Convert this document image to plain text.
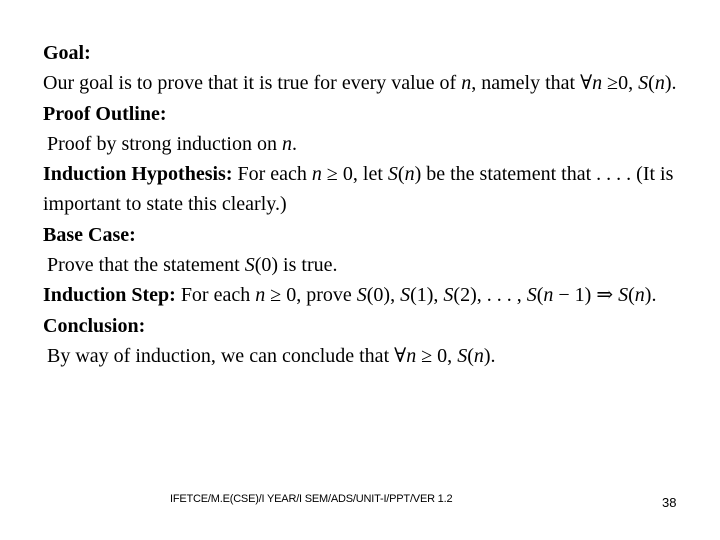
Goal:

Our goal is to prove that it is true for every value of n, namely that ∀n ≥0, S(n).

Proof Outline:

Proof by strong induction on n.

Induction Hypothesis: For each n ≥ 0, let S(n) be the statement that . . . . (It is important to state this clearly.)

Base Case:

Prove that the statement S(0) is true.

Induction Step: For each n ≥ 0, prove S(0), S(1), S(2), . . . , S(n − 1) ⇒ S(n).

Conclusion:

By way of induction, we can conclude that ∀n ≥ 0, S(n).

IFETCE/M.E(CSE)/I YEAR/I SEM/ADS/UNIT-I/PPT/VER 1.2	38
